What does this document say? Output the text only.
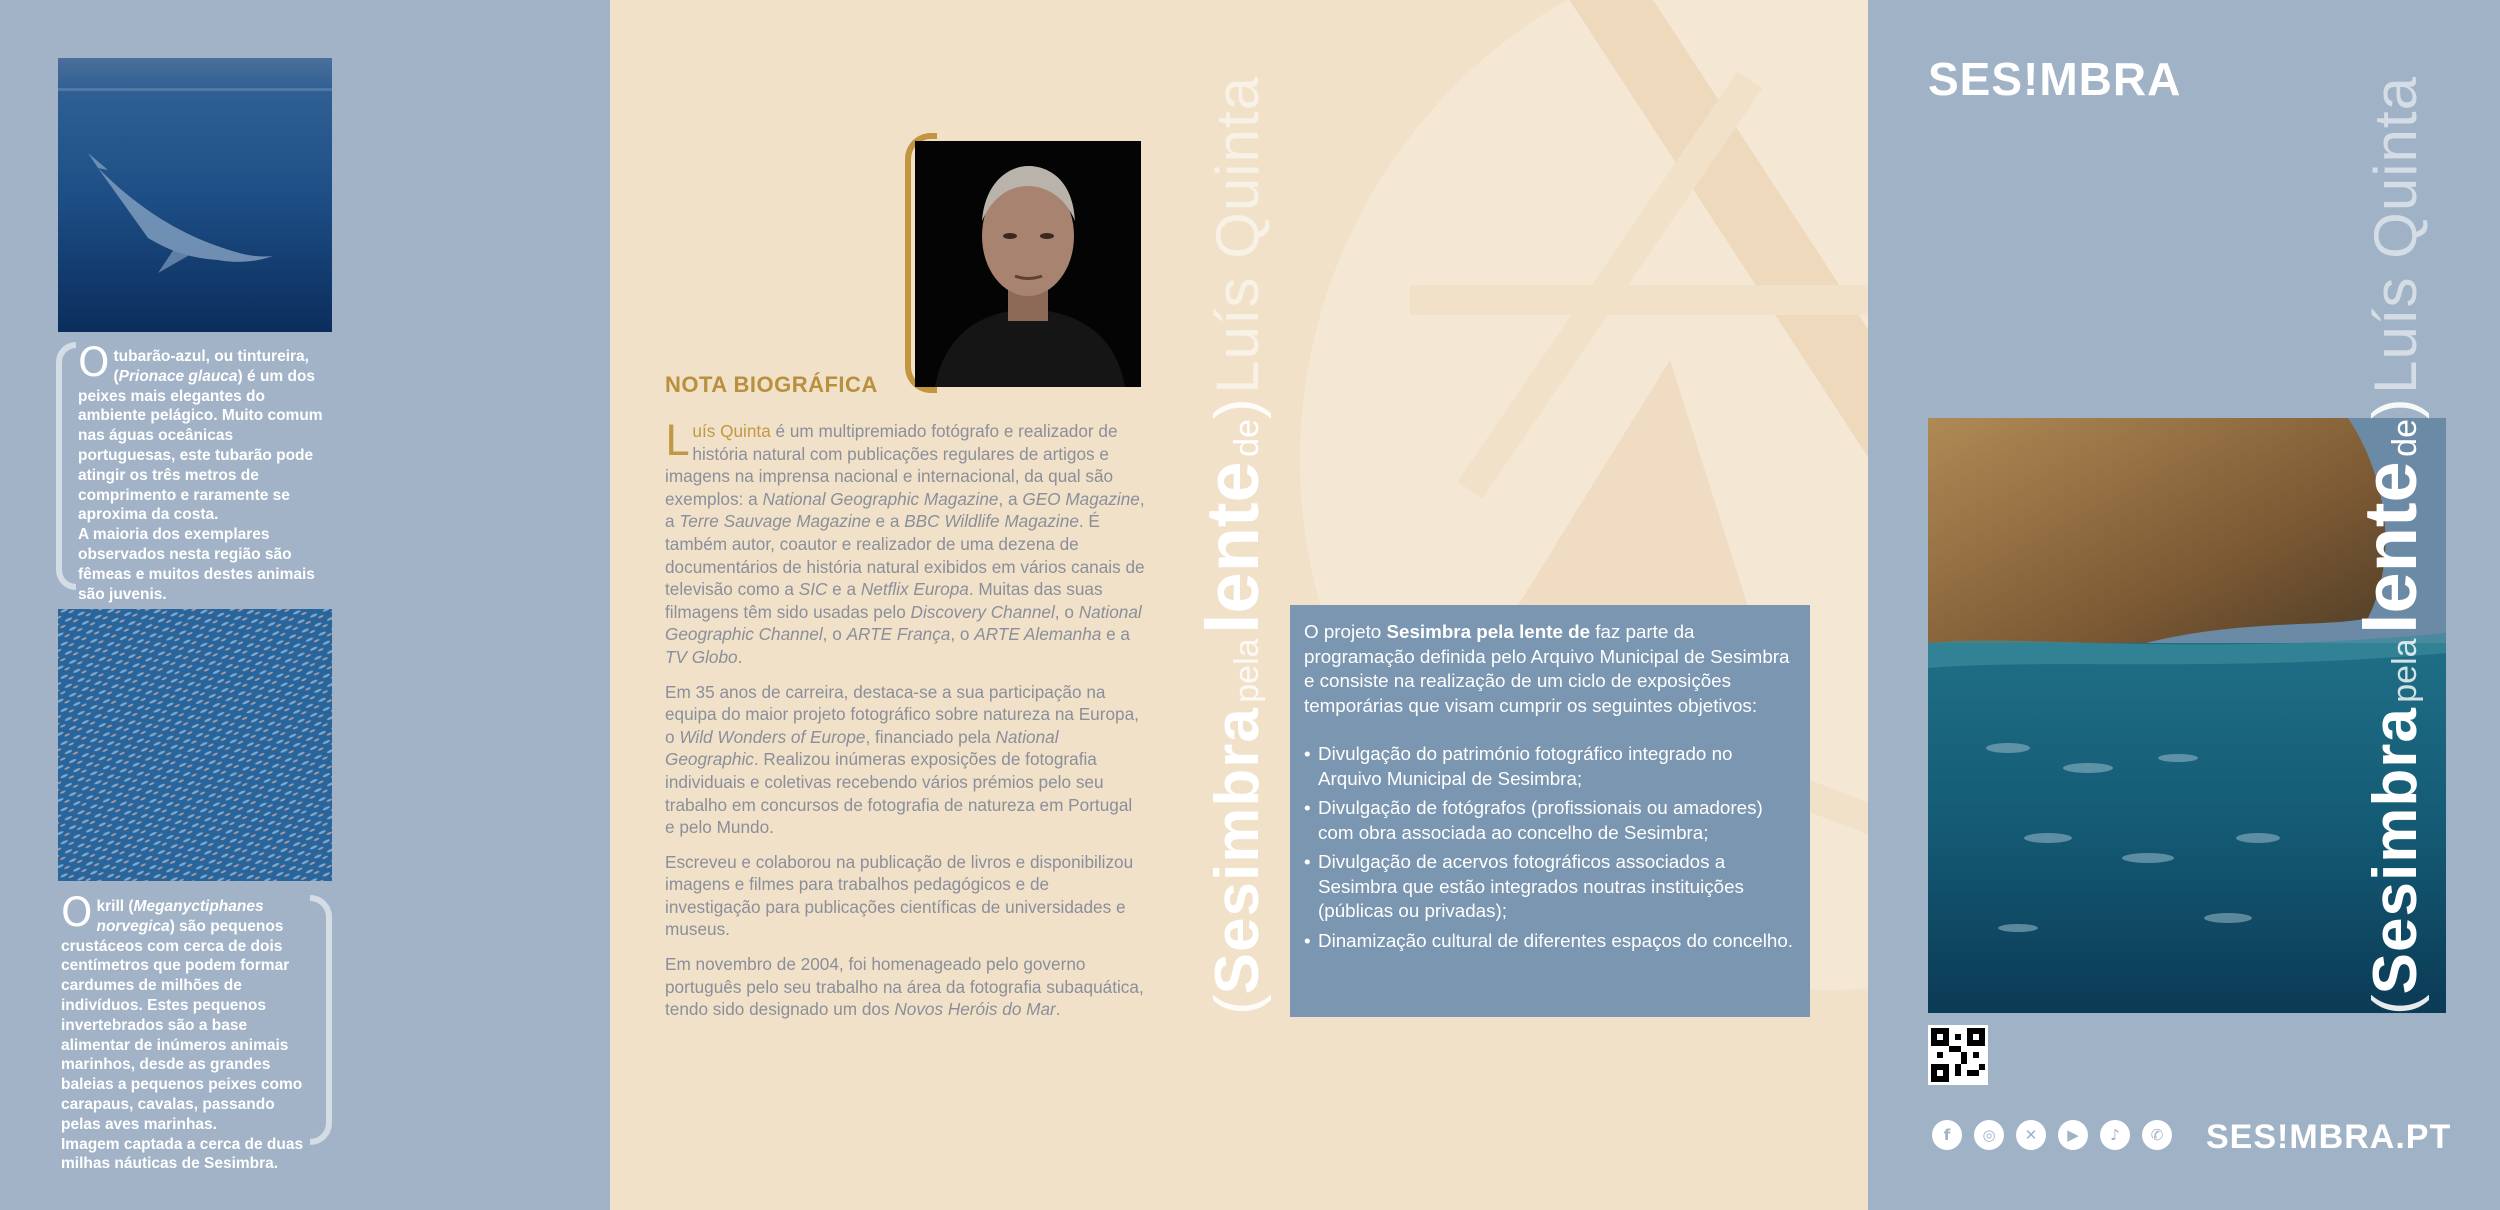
O tubarão-azul, ou tintureira, (Prionace glauca) é um dos peixes mais elegantes do ambiente pelágico. Muito comum nas águas oceânicas portuguesas, este tubarão pode atingir os três metros de comprimento e raramente se aproxima da costa.

A maioria dos exemplares observados nesta região são fêmeas e muitos destes animais são juvenis.

O krill (Meganyctiphanes norvegica) são pequenos crustáceos com cerca de dois centímetros que podem formar cardumes de milhões de indivíduos. Estes pequenos invertebrados são a base alimentar de inúmeros animais marinhos, desde as grandes baleias a pequenos peixes como carapaus, cavalas, passando pelas aves marinhas.

Imagem captada a cerca de duas milhas náuticas de Sesimbra.

NOTA BIOGRÁFICA

Luís Quinta é um multipremiado fotógrafo e realizador de história natural com publicações regulares de artigos e imagens na imprensa nacional e internacional, da qual são exemplos: a National Geographic Magazine, a GEO Magazine, a Terre Sauvage Magazine e a BBC Wildlife Magazine. É também autor, coautor e realizador de uma dezena de documentários de história natural exibidos em vários canais de televisão como a SIC e a Netflix Europa. Muitas das suas filmagens têm sido usadas pelo Discovery Channel, o National Geographic Channel, o ARTE França, o ARTE Alemanha e a TV Globo.

Em 35 anos de carreira, destaca-se a sua participação na equipa do maior projeto fotográfico sobre natureza na Europa, o Wild Wonders of Europe, financiado pela National Geographic. Realizou inúmeras exposições de fotografia individuais e coletivas recebendo vários prémios pelo seu trabalho em concursos de fotografia de natureza em Portugal e pelo Mundo.

Escreveu e colaborou na publicação de livros e disponibilizou imagens e filmes para trabalhos pedagógicos e de investigação para publicações científicas de universidades e museus.

Em novembro de 2004, foi homenageado pelo governo português pelo seu trabalho na área da fotografia subaquática, tendo sido designado um dos Novos Heróis do Mar.	(Sesimbra pela lente de) Luís Quinta

O projeto Sesimbra pela lente de faz parte da programação definida pelo Arquivo Municipal de Sesimbra e consiste na realização de um ciclo de exposições temporárias que visam cumprir os seguintes objetivos:

• Divulgação do património fotográfico integrado no Arquivo Municipal de Sesimbra;
• Divulgação de fotógrafos (profissionais ou amadores) com obra associada ao concelho de Sesimbra;
• Divulgação de acervos fotográficos associados a Sesimbra que estão integrados noutras instituições (públicas ou privadas);
• Dinamização cultural de diferentes espaços do concelho.
SES!MBRA
(Sesimbra pela lente de) Luís Quinta
f	◎	✕	▶	♪	✆ SES!MBRA.PT
